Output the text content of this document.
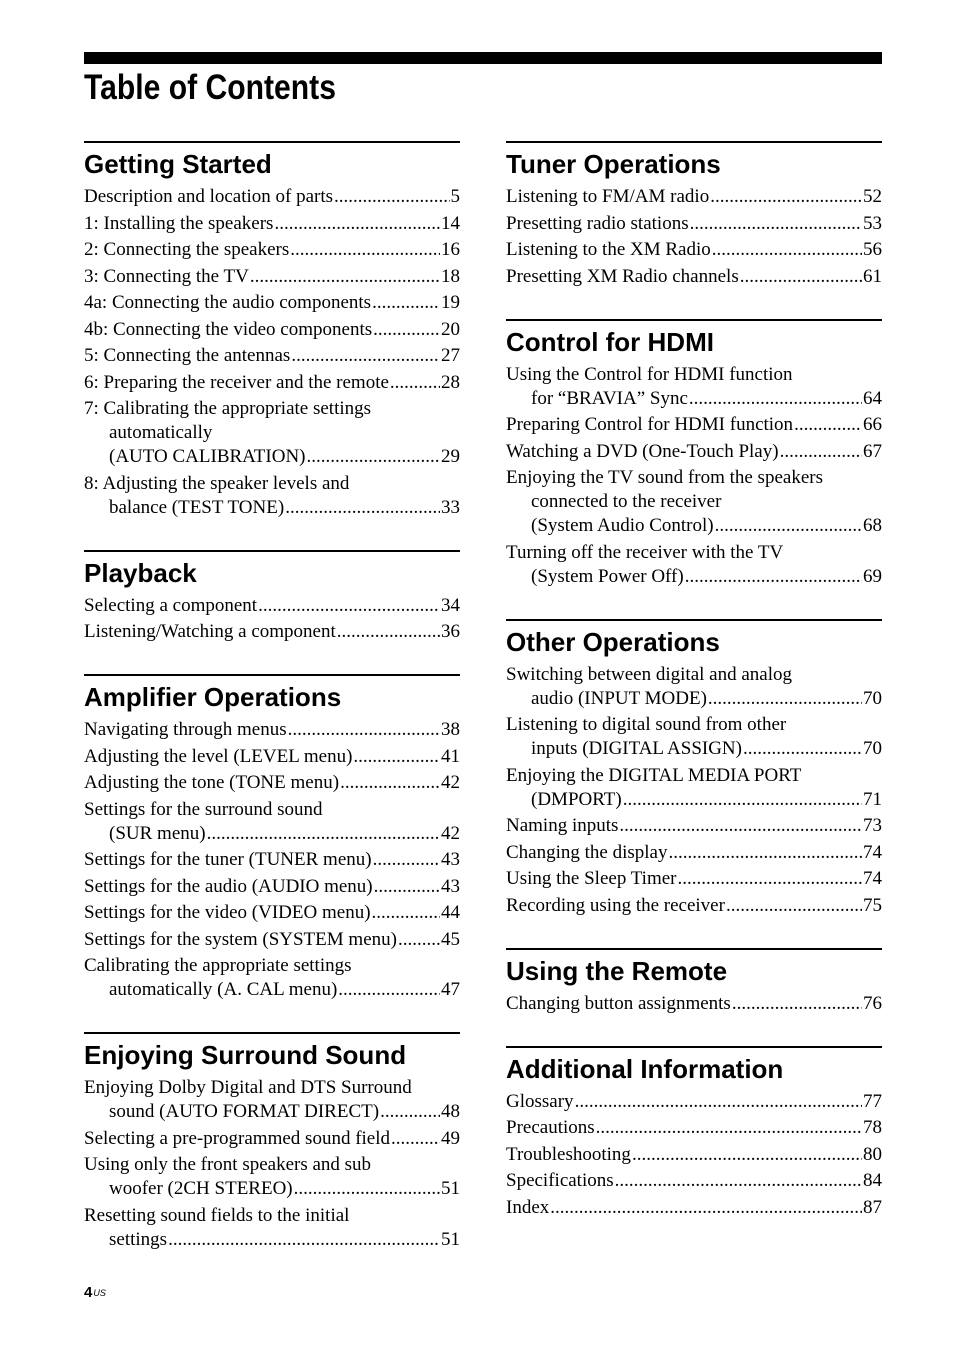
Table of Contents
Getting Started
Description and location of parts .....	5
1: Installing the speakers .....	14
2: Connecting the speakers .....	16
3: Connecting the TV .....	18
4a: Connecting the audio components .....	19
4b: Connecting the video components .....	20
5: Connecting the antennas .....	27
6: Preparing the receiver and the remote .....	28
7: Calibrating the appropriate settings
automatically
(AUTO CALIBRATION) .....	29
8: Adjusting the speaker levels and
balance (TEST TONE) .....	33
Playback
Selecting a component .....	34
Listening/Watching a component .....	36
Amplifier Operations
Navigating through menus .....	38
Adjusting the level (LEVEL menu) .....	41
Adjusting the tone (TONE menu) .....	42
Settings for the surround sound
(SUR menu) .....	42
Settings for the tuner (TUNER menu) .....	43
Settings for the audio (AUDIO menu) .....	43
Settings for the video (VIDEO menu) .....	44
Settings for the system (SYSTEM menu) ..... 45
Calibrating the appropriate settings
automatically (A. CAL menu) .....	47
Enjoying Surround Sound
Enjoying Dolby Digital and DTS Surround
sound (AUTO FORMAT DIRECT) .....	48
Selecting a pre-programmed sound field .....	49
Using only the front speakers and sub
woofer (2CH STEREO) .....	51
Resetting sound fields to the initial
settings .....	51
Tuner Operations
Listening to FM/AM radio .....	52
Presetting radio stations .....	53
Listening to the XM Radio .....	56
Presetting XM Radio channels .....	61
Control for HDMI
Using the Control for HDMI function
for “BRAVIA” Sync .....	64
Preparing Control for HDMI function .....	66
Watching a DVD (One-Touch Play) .....	67
Enjoying the TV sound from the speakers
connected to the receiver
(System Audio Control) .....	68
Turning off the receiver with the TV
(System Power Off) .....	69
Other Operations
Switching between digital and analog
audio (INPUT MODE) .....	70
Listening to digital sound from other
inputs (DIGITAL ASSIGN) .....	70
Enjoying the DIGITAL MEDIA PORT
(DMPORT) .....	71
Naming inputs .....	73
Changing the display .....	74
Using the Sleep Timer .....	74
Recording using the receiver .....	75
Using the Remote
Changing button assignments .....	76
Additional Information
Glossary .....	77
Precautions .....	78
Troubleshooting .....	80
Specifications .....	84
Index .....	87
$4^{US}$
